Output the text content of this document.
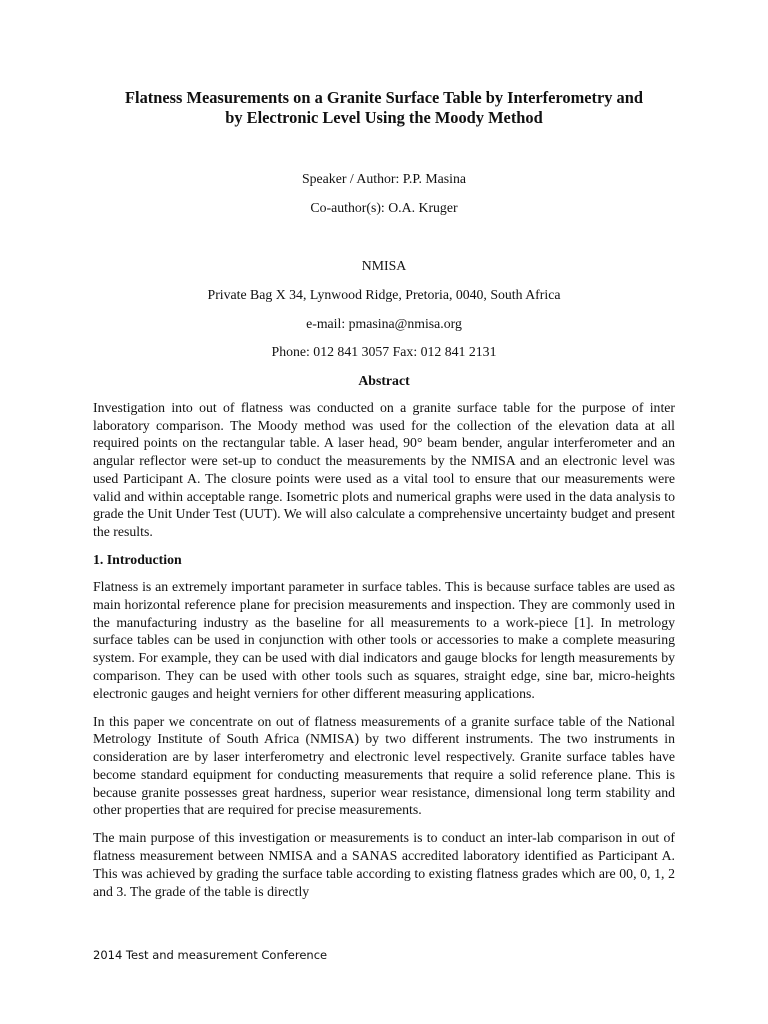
Flatness Measurements on a Granite Surface Table by Interferometry and
by Electronic Level Using the Moody Method
Speaker / Author: P.P. Masina
Co-author(s): O.A. Kruger
NMISA
Private Bag X 34, Lynwood Ridge, Pretoria, 0040, South Africa
e-mail: pmasina@nmisa.org
Phone: 012 841 3057 Fax: 012 841 2131
Abstract

Investigation into out of flatness was conducted on a granite surface table for the purpose of inter laboratory comparison. The Moody method was used for the collection of the elevation data at all required points on the rectangular table. A laser head, 90° beam bender, angular interferometer and an angular reflector were set-up to conduct the measurements by the NMISA and an electronic level was used Participant A. The closure points were used as a vital tool to ensure that our measurements were valid and within acceptable range. Isometric plots and numerical graphs were used in the data analysis to grade the Unit Under Test (UUT). We will also calculate a comprehensive uncertainty budget and present the results.

1. Introduction

Flatness is an extremely important parameter in surface tables. This is because surface tables are used as main horizontal reference plane for precision measurements and inspection. They are commonly used in the manufacturing industry as the baseline for all measurements to a work-piece [1]. In metrology surface tables can be used in conjunction with other tools or accessories to make a complete measuring system. For example, they can be used with dial indicators and gauge blocks for length measurements by comparison. They can be used with other tools such as squares, straight edge, sine bar, micro-heights electronic gauges and height verniers for other different measuring applications.

In this paper we concentrate on out of flatness measurements of a granite surface table of the National Metrology Institute of South Africa (NMISA) by two different instruments. The two instruments in consideration are by laser interferometry and electronic level respectively. Granite surface tables have become standard equipment for conducting measurements that require a solid reference plane. This is because granite possesses great hardness, superior wear resistance, dimensional long term stability and other properties that are required for precise measurements.

The main purpose of this investigation or measurements is to conduct an inter-lab comparison in out of flatness measurement between NMISA and a SANAS accredited laboratory identified as Participant A. This was achieved by grading the surface table according to existing flatness grades which are 00, 0, 1, 2 and 3. The grade of the table is directly

2014 Test and measurement Conference
